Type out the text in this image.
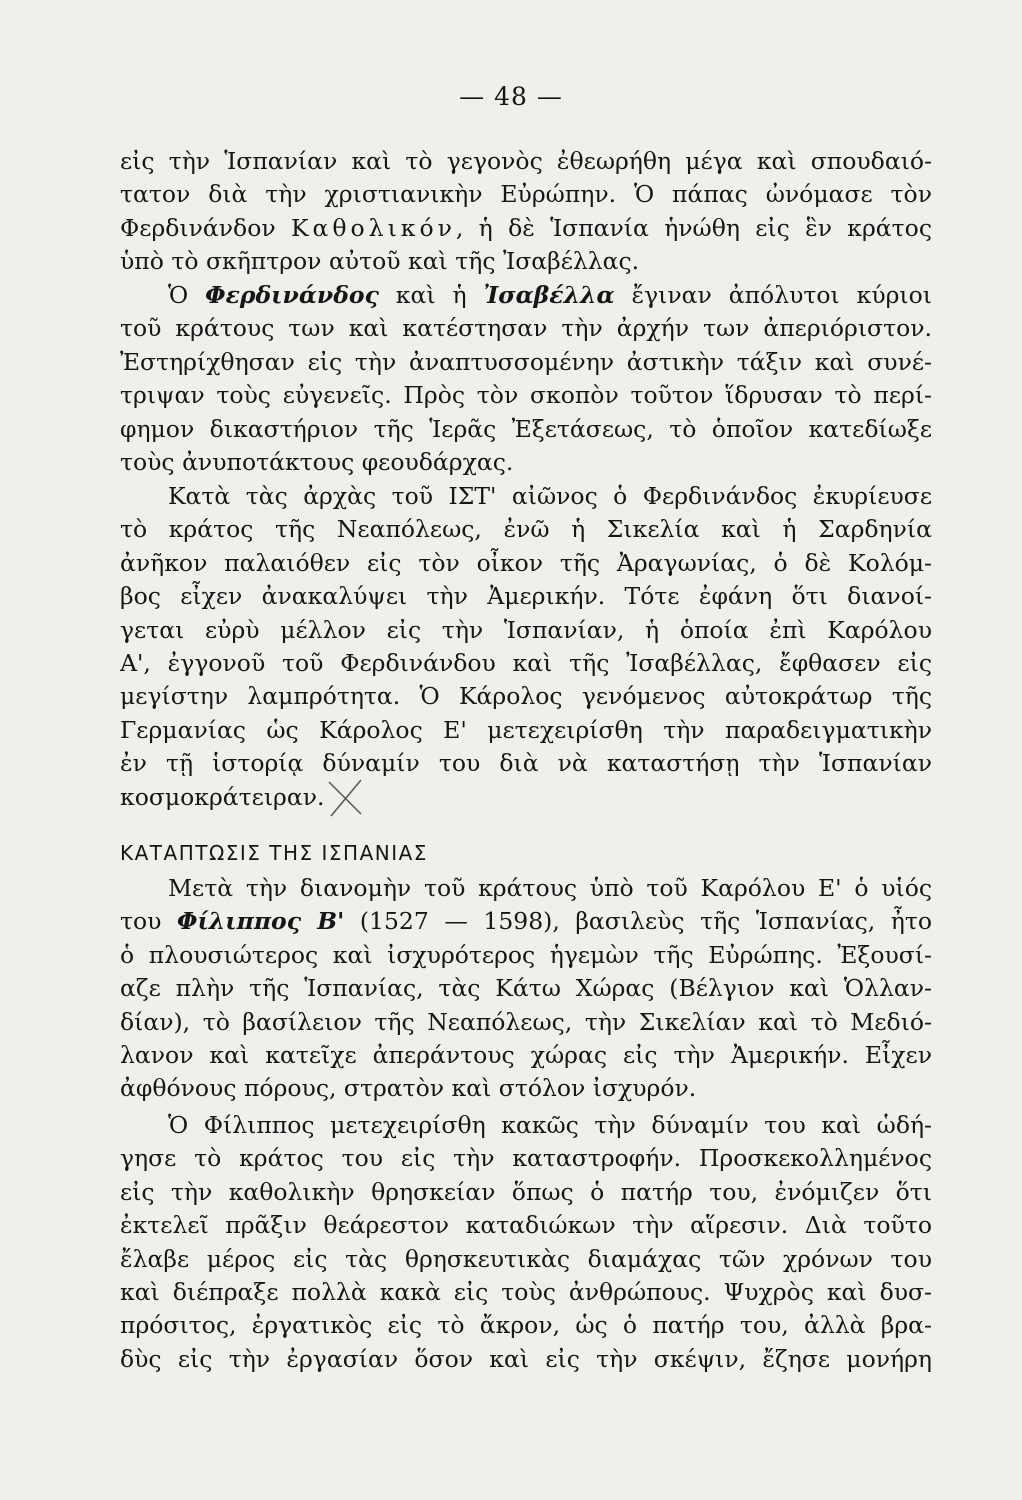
— 48 —
εἰς τὴν Ἱσπανίαν καὶ τὸ γεγονὸς ἐθεωρήθη μέγα καὶ σπουδαιό-
τατον διὰ τὴν χριστιανικὴν Εὐρώπην. Ὁ πάπας ὠνόμασε τὸν
Φερδινάνδον Καθολικόν, ἡ δὲ Ἱσπανία ἡνώθη εἰς ἓν κράτος
ὑπὸ τὸ σκῆπτρον αὐτοῦ καὶ τῆς Ἰσαβέλλας.
Ὁ Φερδινάνδος καὶ ἡ Ἰσαβέλλα ἔγιναν ἀπόλυτοι κύριοι
τοῦ κράτους των καὶ κατέστησαν τὴν ἀρχήν των ἀπεριόριστον.
Ἐστηρίχθησαν εἰς τὴν ἀναπτυσσομένην ἀστικὴν τάξιν καὶ συνέ-
τριψαν τοὺς εὐγενεῖς. Πρὸς τὸν σκοπὸν τοῦτον ἵδρυσαν τὸ περί-
φημον δικαστήριον τῆς Ἱερᾶς Ἐξετάσεως, τὸ ὁποῖον κατεδίωξε
τοὺς ἀνυποτάκτους φεουδάρχας.
Κατὰ τὰς ἀρχὰς τοῦ ΙΣΤ' αἰῶνος ὁ Φερδινάνδος ἐκυρίευσε
τὸ κράτος τῆς Νεαπόλεως, ἐνῶ ἡ Σικελία καὶ ἡ Σαρδηνία
ἀνῆκον παλαιόθεν εἰς τὸν οἶκον τῆς Ἀραγωνίας, ὁ δὲ Κολόμ-
βος εἶχεν ἀνακαλύψει τὴν Ἀμερικήν. Τότε ἐφάνη ὅτι διανοί-
γεται εὐρὺ μέλλον εἰς τὴν Ἱσπανίαν, ἡ ὁποία ἐπὶ Καρόλου
Α', ἐγγονοῦ τοῦ Φερδινάνδου καὶ τῆς Ἰσαβέλλας, ἔφθασεν εἰς
μεγίστην λαμπρότητα. Ὁ Κάρολος γενόμενος αὐτοκράτωρ τῆς
Γερμανίας ὡς Κάρολος Ε' μετεχειρίσθη τὴν παραδειγματικὴν
ἐν τῇ ἱστορίᾳ δύναμίν του διὰ νὰ καταστήσῃ τὴν Ἱσπανίαν
κοσμοκράτειραν.
ΚΑΤΑΠΤΩΣΙΣ ΤΗΣ ΙΣΠΑΝΙΑΣ
Μετὰ τὴν διανομὴν τοῦ κράτους ὑπὸ τοῦ Καρόλου Ε' ὁ υἱός
του Φίλιππος Β' (1527 — 1598), βασιλεὺς τῆς Ἱσπανίας, ἦτο
ὁ πλουσιώτερος καὶ ἰσχυρότερος ἡγεμὼν τῆς Εὐρώπης. Ἐξουσί-
αζε πλὴν τῆς Ἱσπανίας, τὰς Κάτω Χώρας (Βέλγιον καὶ Ὁλλαν-
δίαν), τὸ βασίλειον τῆς Νεαπόλεως, τὴν Σικελίαν καὶ τὸ Μεδιό-
λανον καὶ κατεῖχε ἀπεράντους χώρας εἰς τὴν Ἀμερικήν. Εἶχεν
ἀφθόνους πόρους, στρατὸν καὶ στόλον ἰσχυρόν.
Ὁ Φίλιππος μετεχειρίσθη κακῶς τὴν δύναμίν του καὶ ὡδή-
γησε τὸ κράτος του εἰς τὴν καταστροφήν. Προσκεκολλημένος
εἰς τὴν καθολικὴν θρησκείαν ὅπως ὁ πατήρ του, ἐνόμιζεν ὅτι
ἐκτελεῖ πρᾶξιν θεάρεστον καταδιώκων τὴν αἵρεσιν. Διὰ τοῦτο
ἔλαβε μέρος εἰς τὰς θρησκευτικὰς διαμάχας τῶν χρόνων του
καὶ διέπραξε πολλὰ κακὰ εἰς τοὺς ἀνθρώπους. Ψυχρὸς καὶ δυσ-
πρόσιτος, ἐργατικὸς εἰς τὸ ἄκρον, ὡς ὁ πατήρ του, ἀλλὰ βρα-
δὺς εἰς τὴν ἐργασίαν ὅσον καὶ εἰς τὴν σκέψιν, ἔζησε μονήρη
